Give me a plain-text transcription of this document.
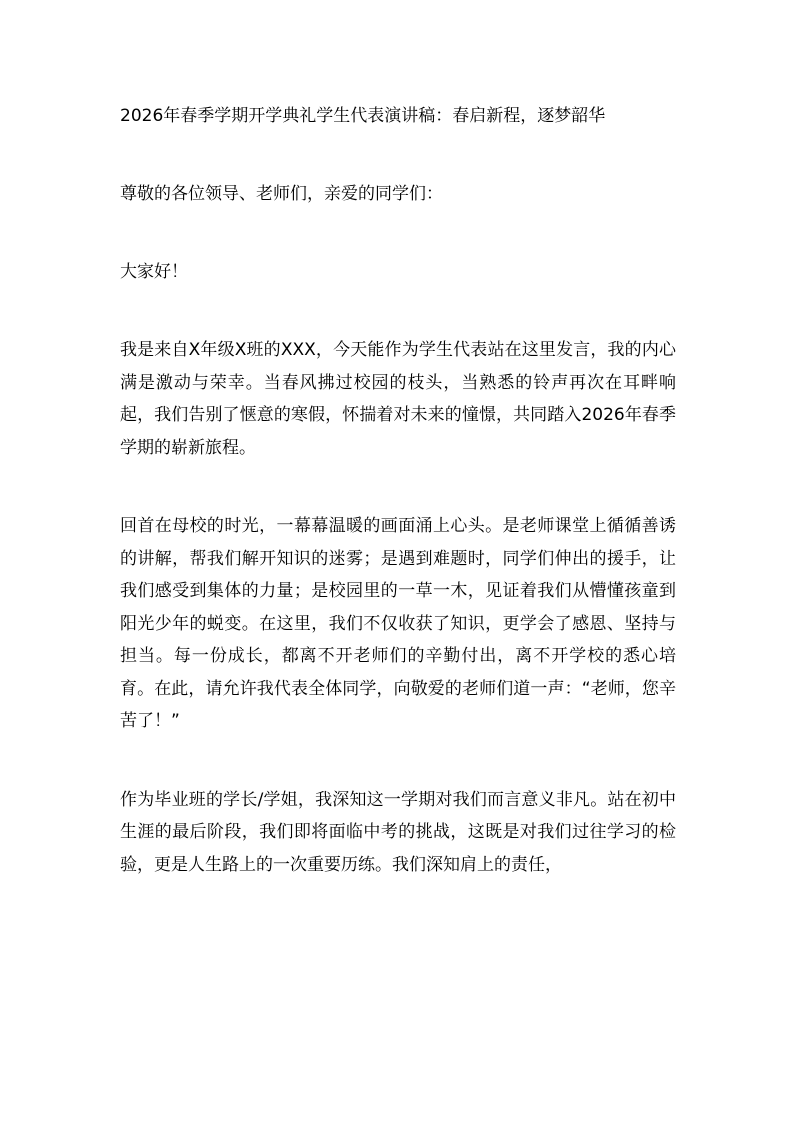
2026年春季学期开学典礼学生代表演讲稿：春启新程，逐梦韶华
尊敬的各位领导、老师们，亲爱的同学们：
大家好！
我是来自X年级X班的XXX，今天能作为学生代表站在这里发言，我的内心满是激动与荣幸。当春风拂过校园的枝头，当熟悉的铃声再次在耳畔响起，我们告别了惬意的寒假，怀揣着对未来的憧憬，共同踏入2026年春季学期的崭新旅程。
回首在母校的时光，一幕幕温暖的画面涌上心头。是老师课堂上循循善诱的讲解，帮我们解开知识的迷雾；是遇到难题时，同学们伸出的援手，让我们感受到集体的力量；是校园里的一草一木，见证着我们从懵懂孩童到阳光少年的蜕变。在这里，我们不仅收获了知识，更学会了感恩、坚持与担当。每一份成长，都离不开老师们的辛勤付出，离不开学校的悉心培育。在此，请允许我代表全体同学，向敬爱的老师们道一声：“老师，您辛苦了！”
作为毕业班的学长/学姐，我深知这一学期对我们而言意义非凡。站在初中生涯的最后阶段，我们即将面临中考的挑战，这既是对我们过往学习的检验，更是人生路上的一次重要历练。我们深知肩上的责任，
